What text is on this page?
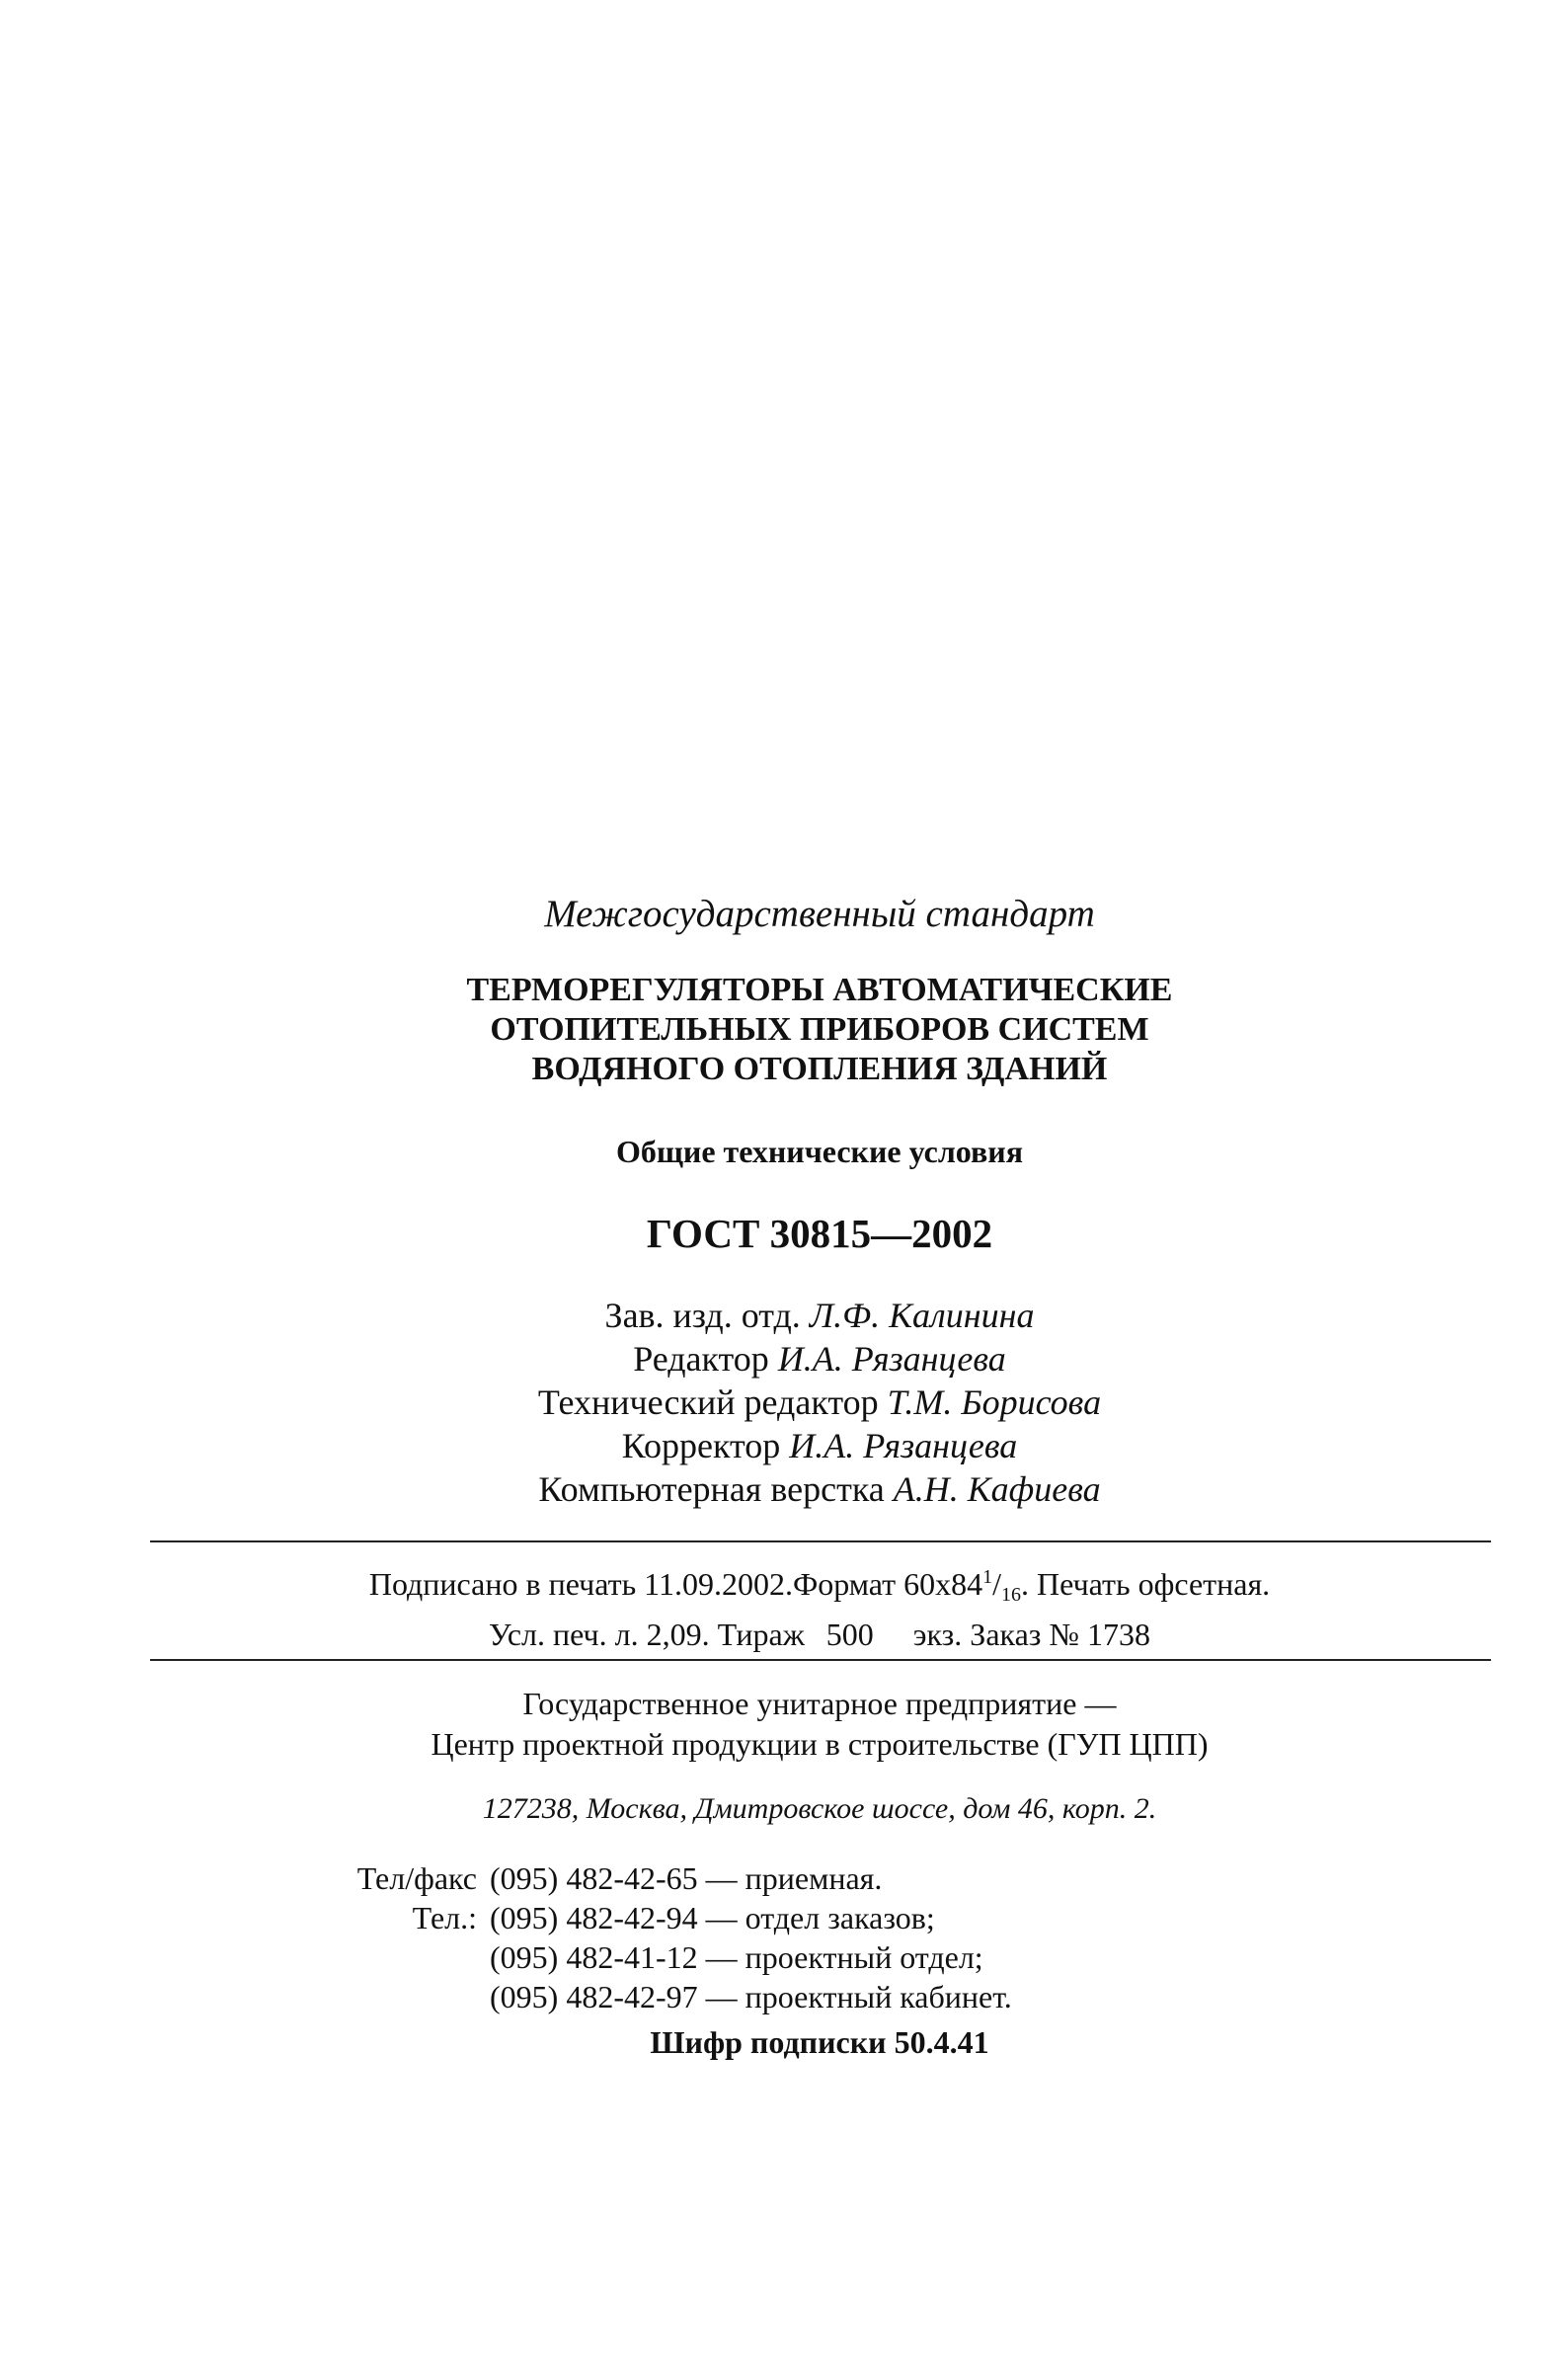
Межгосударственный стандарт
ТЕРМОРЕГУЛЯТОРЫ АВТОМАТИЧЕСКИЕ
ОТОПИТЕЛЬНЫХ ПРИБОРОВ СИСТЕМ
ВОДЯНОГО ОТОПЛЕНИЯ ЗДАНИЙ
Общие технические условия
ГОСТ 30815—2002
Зав. изд. отд. Л.Ф. Калинина
Редактор И.А. Рязанцева
Технический редактор Т.М. Борисова
Корректор И.А. Рязанцева
Компьютерная верстка А.Н. Кафиева
Подписано в печать 11.09.2002.Формат $60x84^1/_{16}$. Печать офсетная.
Усл. печ. л. 2,09. Тираж 500 экз. Заказ № 1738
Государственное унитарное предприятие —
Центр проектной продукции в строительстве (ГУП ЦПП)
127238, Москва, Дмитровское шоссе, дом 46, корп. 2.
Тел/факс (095) 482-42-65 — приемная.
Тел.: (095) 482-42-94 — отдел заказов;
(095) 482-41-12 — проектный отдел;
(095) 482-42-97 — проектный кабинет.
Шифр подписки 50.4.41
